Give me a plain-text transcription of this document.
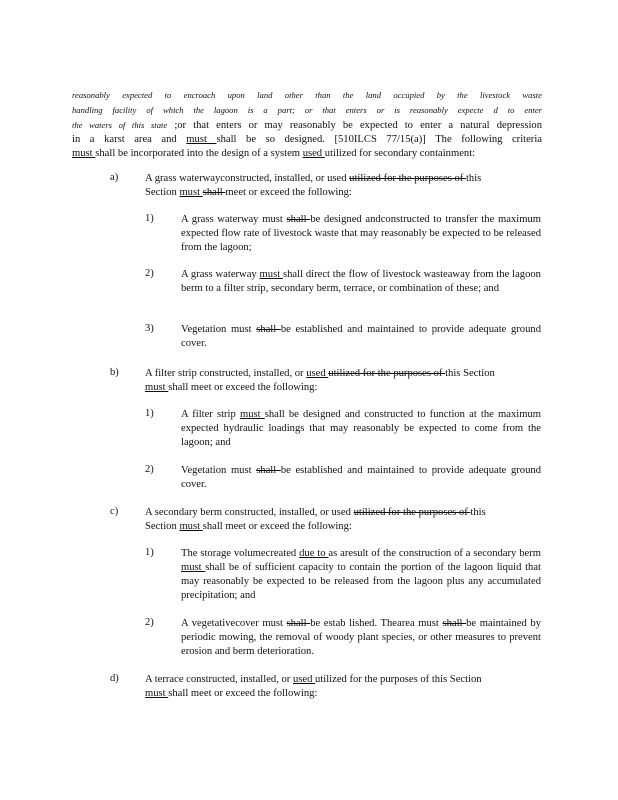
reasonably expected to encroach upon land other than the land occupied by the livestock waste

handling facility of which the lagoon is a part; or that enters or is reasonably expecte d to enter

the waters of this state ;or that enters or may reasonably be expected to enter a natural depression

in a karst area and must shall be so designed. [510ILCS 77/15(a)] The following criteria

must shall be incorporated into the design of a system used utilized for secondary containment:

a)	A grass waterwayconstructed, installed, or used utilized for the purposes of this
Section must shall meet or exceed the following:
1)	A grass waterway must shall be designed andconstructed to transfer the maximum expected flow rate of livestock waste that may reasonably be expected to be released from the lagoon;

2)	A grass waterway must shall direct the flow of livestock wasteaway from the lagoon berm to a filter strip, secondary berm, terrace, or combination of these; and

3)	Vegetation must shall be established and maintained to provide adequate ground cover.

b) A filter strip constructed, installed, or used utilized for the purposes of this Section
must shall meet or exceed the following:
1)	A filter strip must shall be designed and constructed to function at the maximum expected hydraulic loadings that may reasonably be expected to come from the lagoon; and

2)	Vegetation must shall be established and maintained to provide adequate ground cover.

c)	A secondary berm constructed, installed, or used utilized for the purposes of this
Section must shall meet or exceed the following:
1)	The storage volumecreated due to as aresult of the construction of a secondary berm must shall be of sufficient capacity to contain the portion of the lagoon liquid that may reasonably be expected to be released from the lagoon plus any accumulated precipitation; and

2)	A vegetativecover must shall be estab lished. Thearea must shall be maintained by periodic mowing, the removal of woody plant species, or other measures to prevent erosion and berm deterioration.

d) A terrace constructed, installed, or used utilized for the purposes of this Section
must shall meet or exceed the following:
